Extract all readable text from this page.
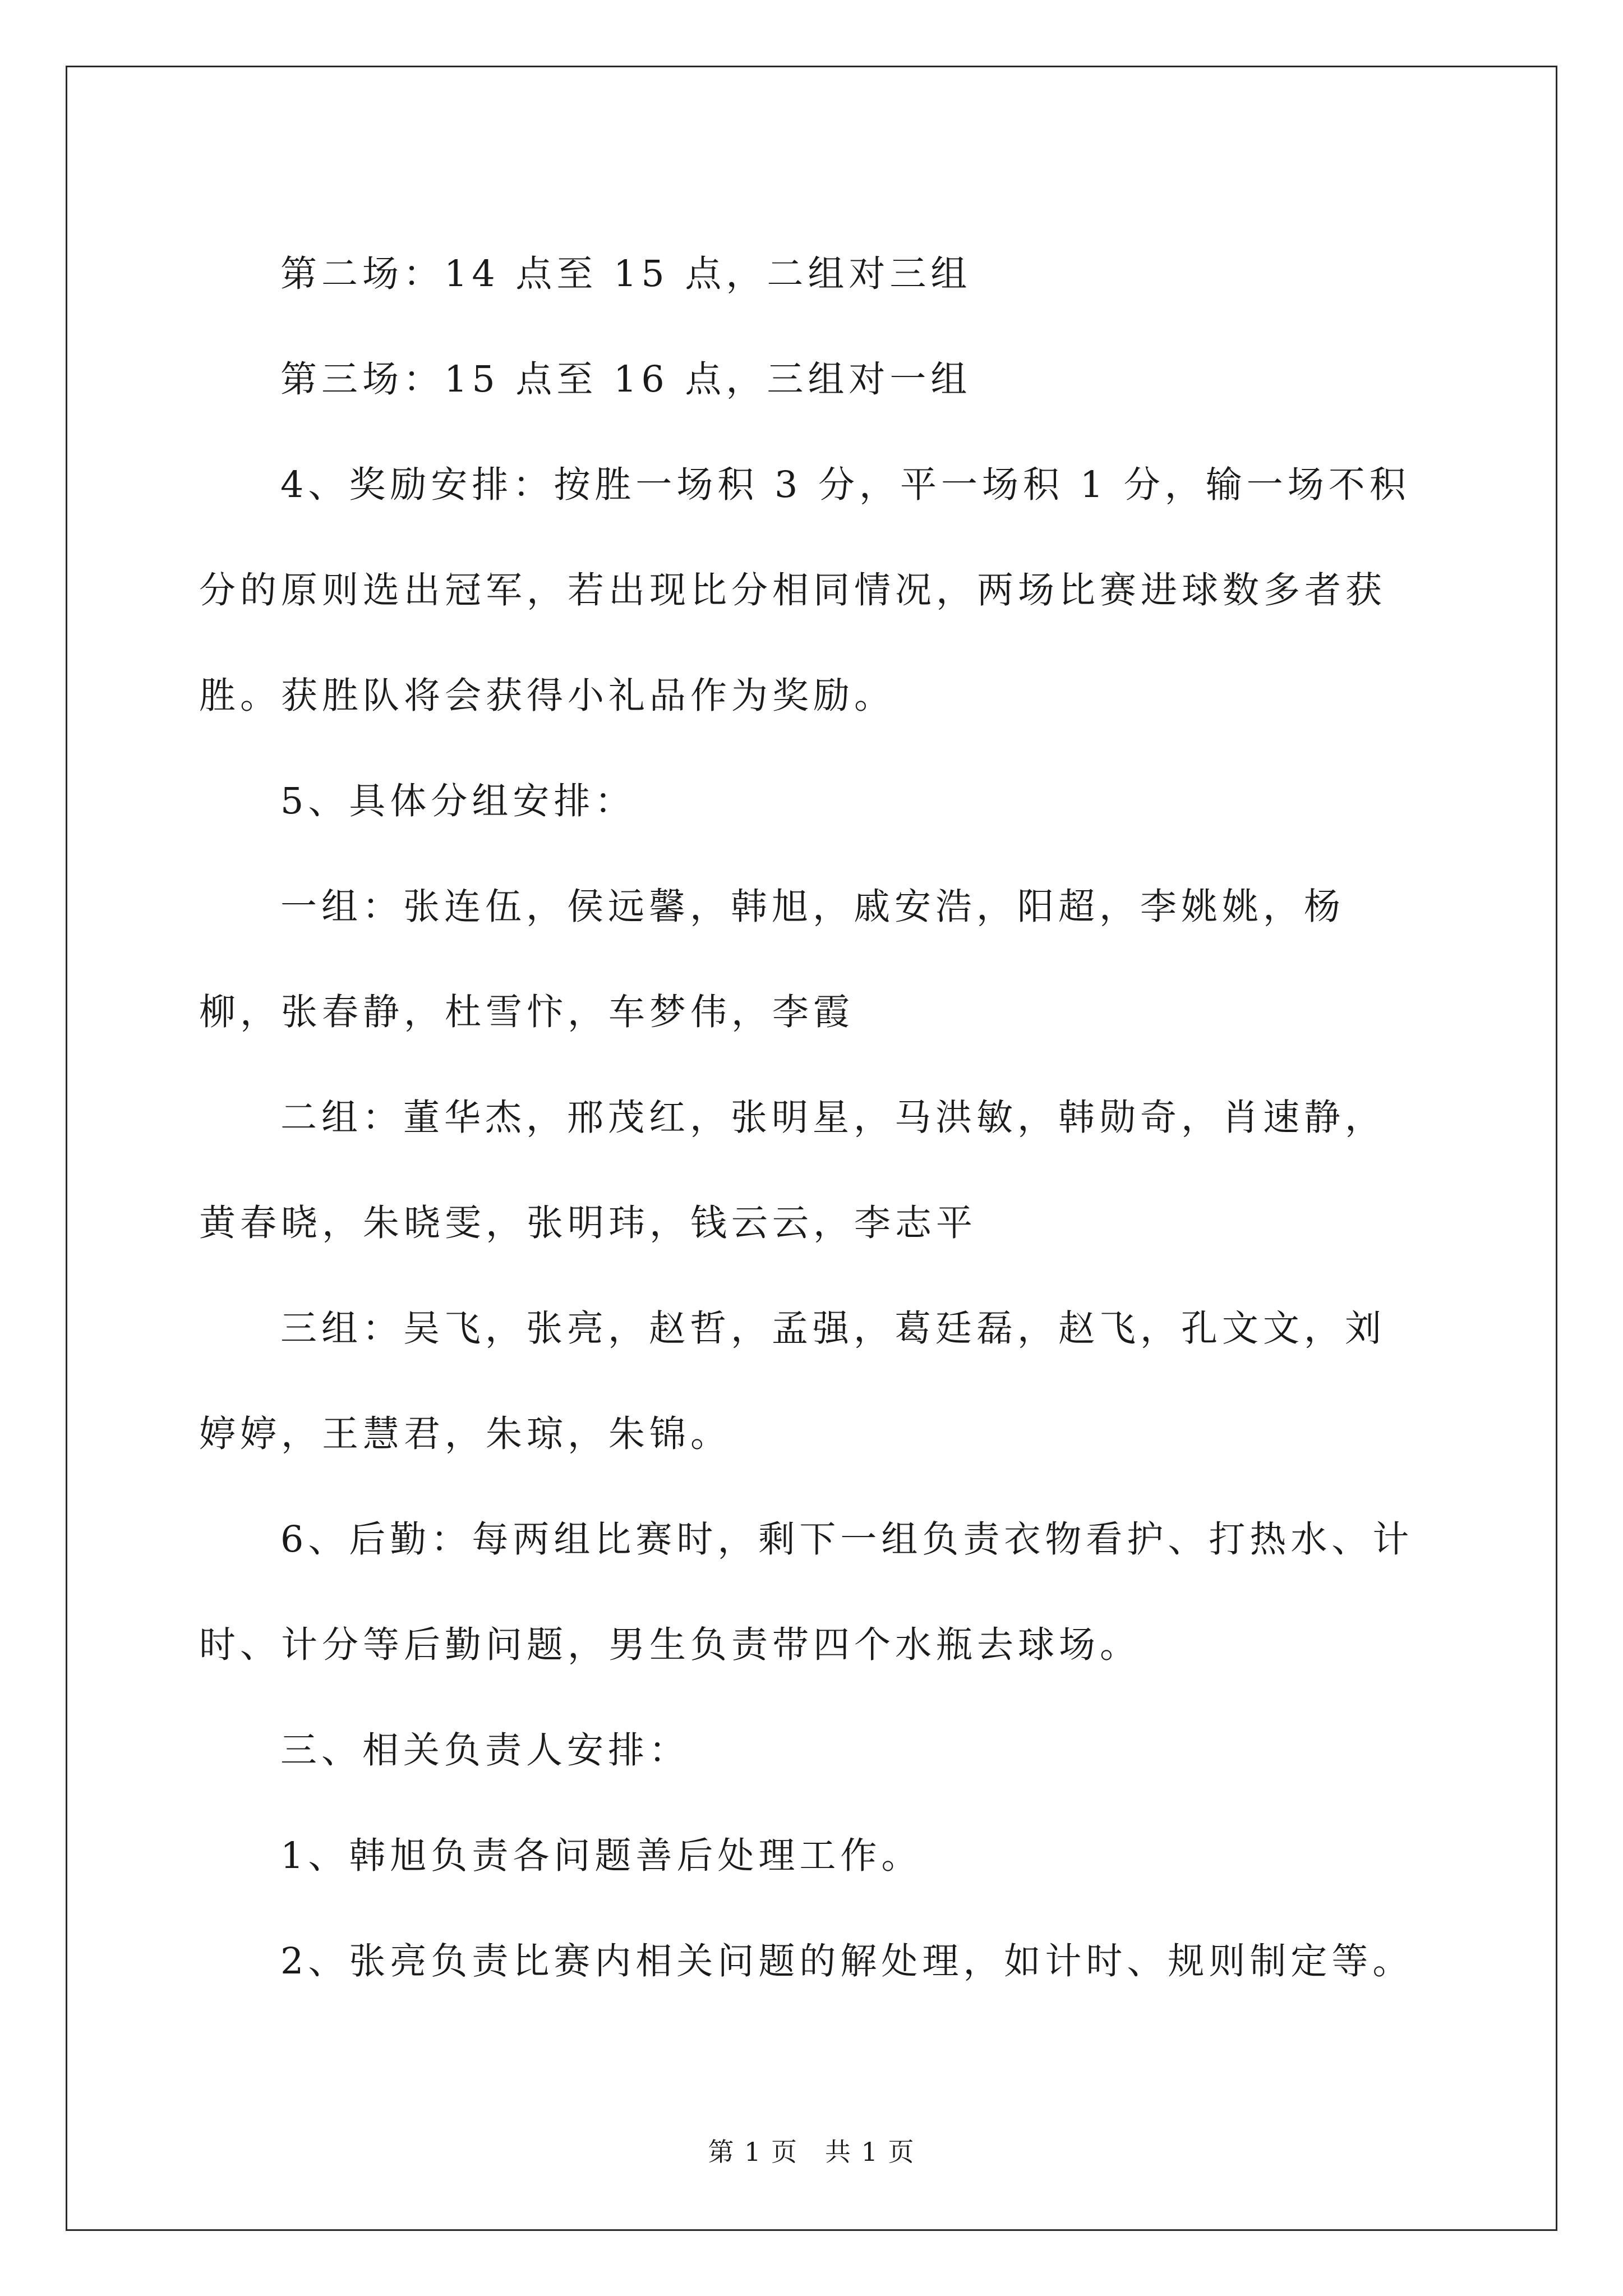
第二场：14 点至 15 点，二组对三组

第三场：15 点至 16 点，三组对一组

4、奖励安排：按胜一场积 3 分，平一场积 1 分，输一场不积分的原则选出冠军，若出现比分相同情况，两场比赛进球数多者获胜。获胜队将会获得小礼品作为奖励。

5、具体分组安排：

一组：张连伍，侯远馨，韩旭，戚安浩，阳超，李姚姚，杨柳，张春静，杜雪忭，车梦伟，李霞

二组：董华杰，邢茂红，张明星，马洪敏，韩勋奇，肖速静，黄春晓，朱晓雯，张明玮，钱云云，李志平

三组：吴飞，张亮，赵哲，孟强，葛廷磊，赵飞，孔文文，刘婷婷，王慧君，朱琼，朱锦。

6、后勤：每两组比赛时，剩下一组负责衣物看护、打热水、计时、计分等后勤问题，男生负责带四个水瓶去球场。

三、相关负责人安排：

1、韩旭负责各问题善后处理工作。

2、张亮负责比赛内相关问题的解处理，如计时、规则制定等。

第 1 页　共 1 页
